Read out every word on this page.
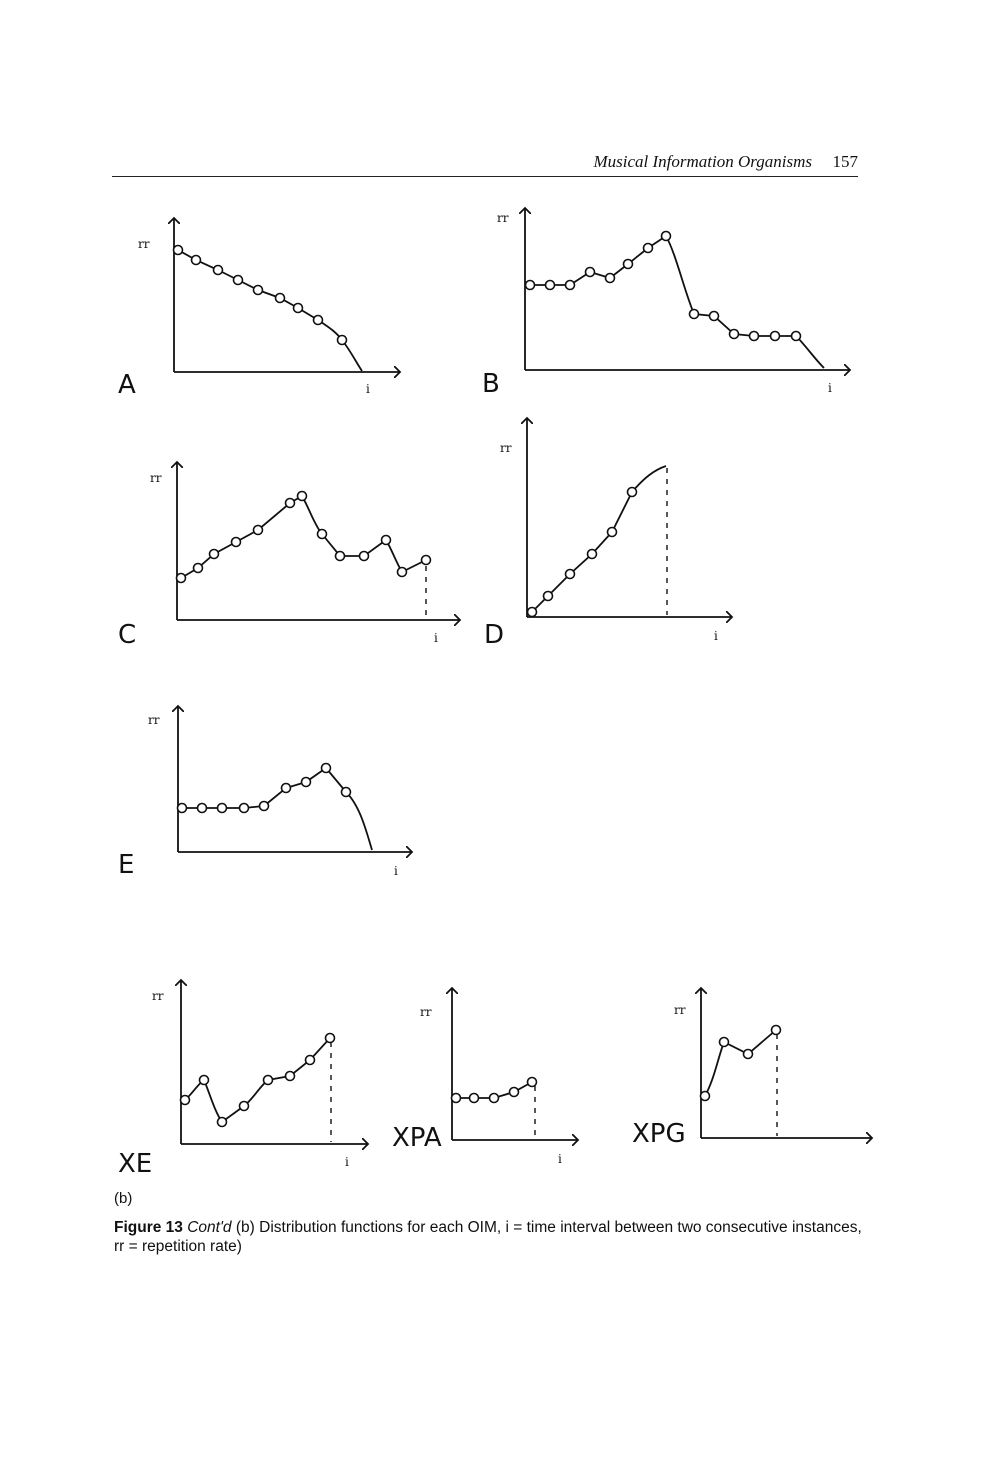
Musical Information Organisms 157
rr
i
A
rr
i
B
rr
i
C
rr
i
D
rr
i
E
rr
i
XE
rr
i
XPA
rr
XPG
(b)
Figure 13 Cont'd (b) Distribution functions for each OIM, i = time interval between two consecutive instances, rr = repetition rate)
